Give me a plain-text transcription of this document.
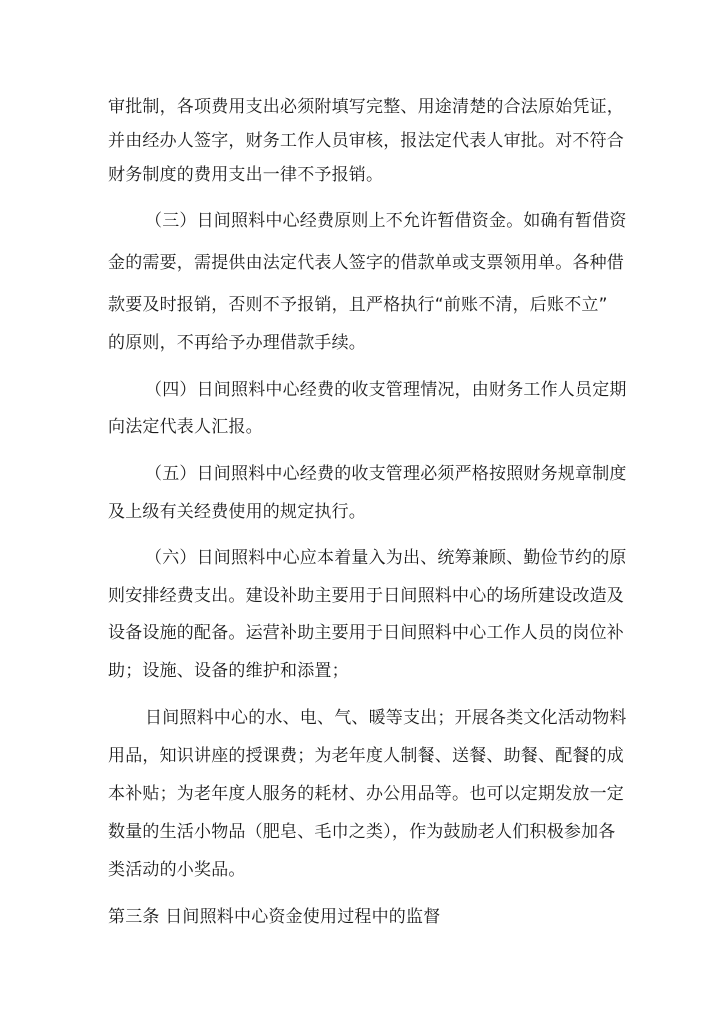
审批制，各项费用支出必须附填写完整、用途清楚的合法原始凭证，
并由经办人签字，财务工作人员审核，报法定代表人审批。对不符合
财务制度的费用支出一律不予报销。
（三）日间照料中心经费原则上不允许暂借资金。如确有暂借资
金的需要，需提供由法定代表人签字的借款单或支票领用单。各种借
款要及时报销，否则不予报销，且严格执行“前账不清，后账不立”
的原则，不再给予办理借款手续。
（四）日间照料中心经费的收支管理情况，由财务工作人员定期
向法定代表人汇报。
（五）日间照料中心经费的收支管理必须严格按照财务规章制度
及上级有关经费使用的规定执行。
（六）日间照料中心应本着量入为出、统筹兼顾、勤俭节约的原
则安排经费支出。建设补助主要用于日间照料中心的场所建设改造及
设备设施的配备。运营补助主要用于日间照料中心工作人员的岗位补
助；设施、设备的维护和添置；
日间照料中心的水、电、气、暖等支出；开展各类文化活动物料
用品，知识讲座的授课费；为老年度人制餐、送餐、助餐、配餐的成
本补贴；为老年度人服务的耗材、办公用品等。也可以定期发放一定
数量的生活小物品（肥皂、毛巾之类），作为鼓励老人们积极参加各
类活动的小奖品。
第三条 日间照料中心资金使用过程中的监督
